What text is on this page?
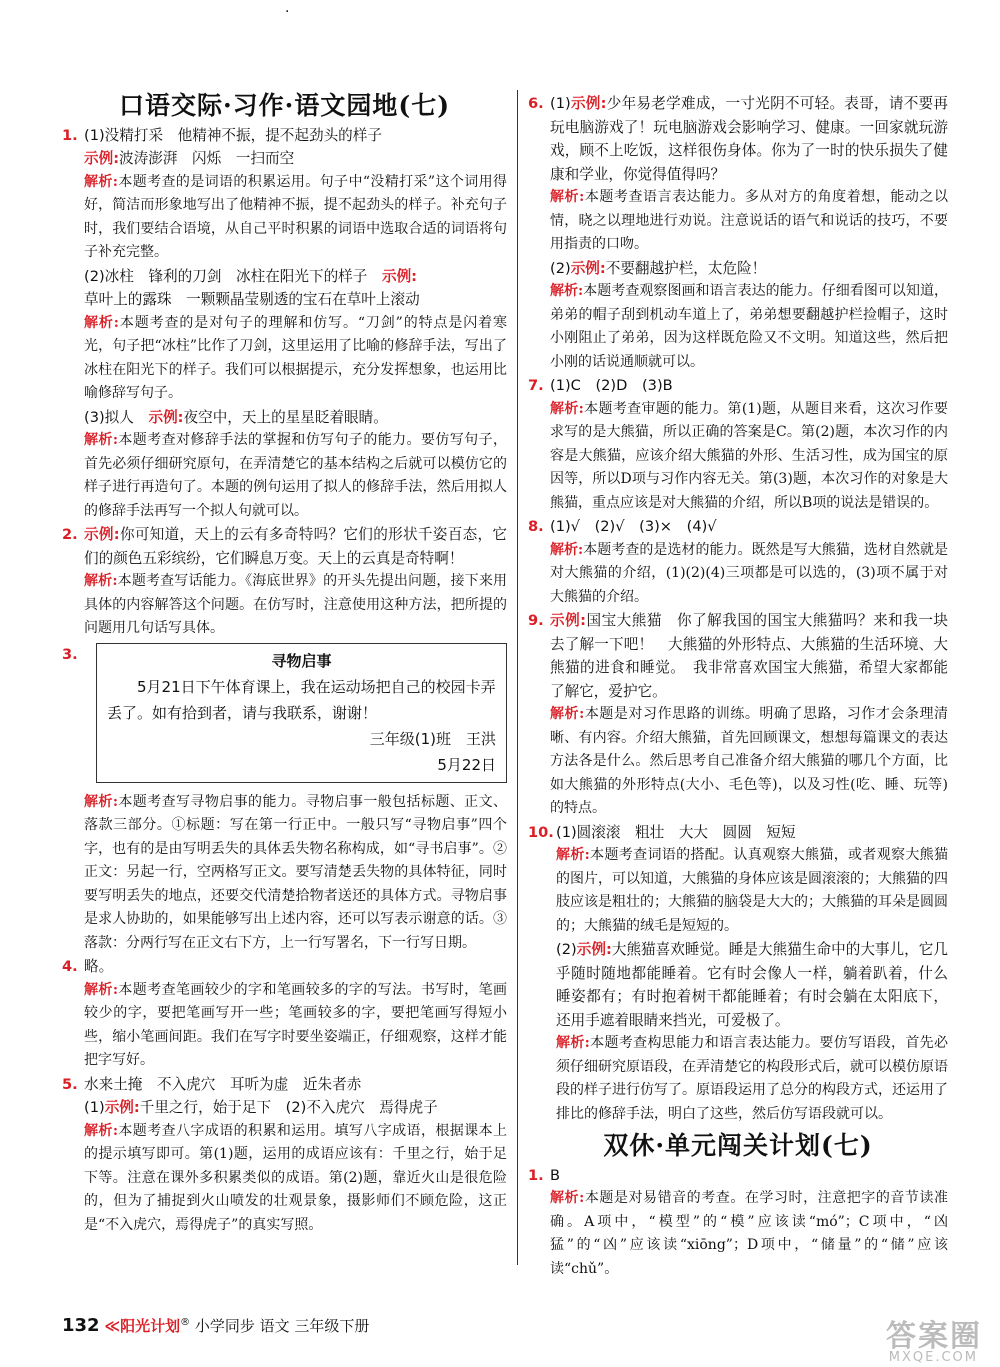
·
口语交际·习作·语文园地(七)
1. (1)没精打采　他精神不振，提不起劲头的样子

示例:波涛澎湃　闪烁　一扫而空

解析:本题考查的是词语的积累运用。句子中“没精打采”这个词用得好，简洁而形象地写出了他精神不振，提不起劲头的样子。补充句子时，我们要结合语境，从自己平时积累的词语中选取合适的词语将句子补充完整。

(2)冰柱　锋利的刀剑　冰柱在阳光下的样子　 示例:

草叶上的露珠　一颗颗晶莹剔透的宝石在草叶上滚动

解析:本题考查的是对句子的理解和仿写。“刀剑”的特点是闪着寒光，句子把“冰柱”比作了刀剑，这里运用了比喻的修辞手法，写出了冰柱在阳光下的样子。我们可以根据提示，充分发挥想象，也运用比喻修辞写句子。

(3)拟人　示例:夜空中，天上的星星眨着眼睛。

解析:本题考查对修辞手法的掌握和仿写句子的能力。要仿写句子，首先必须仔细研究原句，在弄清楚它的基本结构之后就可以模仿它的样子进行再造句了。本题的例句运用了拟人的修辞手法，然后用拟人的修辞手法再写一个拟人句就可以。

2. 示例:你可知道，天上的云有多奇特吗？它们的形状千姿百态，它们的颜色五彩缤纷，它们瞬息万变。天上的云真是奇特啊！

解析:本题考查写话能力。《海底世界》的开头先提出问题，接下来用具体的内容解答这个问题。在仿写时，注意使用这种方法，把所提的问题用几句话写具体。

3.	寻物启事
5月21日下午体育课上，我在运动场把自己的校园卡弄丢了。如有拾到者，请与我联系，谢谢！
三年级(1)班　王洪
5月22日

解析:本题考查写寻物启事的能力。寻物启事一般包括标题、正文、落款三部分。①标题：写在第一行正中。一般只写“寻物启事”四个字，也有的是由写明丢失的具体丢失物名称构成，如“寻书启事”。②正文：另起一行，空两格写正文。要写清楚丢失物的具体特征，同时要写明丢失的地点，还要交代清楚拾物者送还的具体方式。寻物启事是求人协助的，如果能够写出上述内容，还可以写表示谢意的话。③落款：分两行写在正文右下方，上一行写署名，下一行写日期。

4. 略。

解析:本题考查笔画较少的字和笔画较多的字的写法。书写时，笔画较少的字，要把笔画写开一些；笔画较多的字，要把笔画写得短小些，缩小笔画间距。我们在写字时要坐姿端正，仔细观察，这样才能把字写好。

5. 水来土掩　不入虎穴　耳听为虚　近朱者赤

(1)示例:千里之行，始于足下　(2)不入虎穴　焉得虎子

解析:本题考查八字成语的积累和运用。填写八字成语，根据课本上的提示填写即可。第(1)题，运用的成语应该有：千里之行，始于足下等。注意在课外多积累类似的成语。第(2)题，靠近火山是很危险的，但为了捕捉到火山喷发的壮观景象，摄影师们不顾危险，这正是“不入虎穴，焉得虎子”的真实写照。

6. (1)示例:少年易老学难成，一寸光阴不可轻。表哥，请不要再玩电脑游戏了！玩电脑游戏会影响学习、健康。一回家就玩游戏，顾不上吃饭，这样很伤身体。你为了一时的快乐损失了健康和学业，你觉得值得吗？

解析:本题考查语言表达能力。多从对方的角度着想，能动之以情，晓之以理地进行劝说。注意说话的语气和说话的技巧，不要用指责的口吻。

(2)示例:不要翻越护栏，太危险！

解析:本题考查观察图画和语言表达的能力。仔细看图可以知道，弟弟的帽子刮到机动车道上了，弟弟想要翻越护栏捡帽子，这时小刚阻止了弟弟，因为这样既危险又不文明。知道这些，然后把小刚的话说通顺就可以。

7. (1)C　(2)D　(3)B

解析:本题考查审题的能力。第(1)题，从题目来看，这次习作要求写的是大熊猫，所以正确的答案是C。第(2)题，本次习作的内容是大熊猫，应该介绍大熊猫的外形、生活习性，成为国宝的原因等，所以D项与习作内容无关。第(3)题，本次习作的对象是大熊猫，重点应该是对大熊猫的介绍，所以B项的说法是错误的。

8. (1)√　(2)√　(3)×　(4)√

解析:本题考查的是选材的能力。既然是写大熊猫，选材自然就是对大熊猫的介绍，(1)(2)(4)三项都是可以选的，(3)项不属于对大熊猫的介绍。

9. 示例:国宝大熊猫　你了解我国的国宝大熊猫吗？来和我一块去了解一下吧！　大熊猫的外形特点、大熊猫的生活环境、大熊猫的进食和睡觉。　我非常喜欢国宝大熊猫，希望大家都能了解它，爱护它。

解析:本题是对习作思路的训练。明确了思路，习作才会条理清晰、有内容。介绍大熊猫，首先回顾课文，想想每篇课文的表达方法各是什么。然后思考自己准备介绍大熊猫的哪几个方面，比如大熊猫的外形特点(大小、毛色等)，以及习性(吃、睡、玩等)的特点。

10. (1)圆滚滚　粗壮　大大　圆圆　短短

解析:本题考查词语的搭配。认真观察大熊猫，或者观察大熊猫的图片，可以知道，大熊猫的身体应该是圆滚滚的；大熊猫的四肢应该是粗壮的；大熊猫的脑袋是大大的；大熊猫的耳朵是圆圆的；大熊猫的绒毛是短短的。

(2)示例:大熊猫喜欢睡觉。睡是大熊猫生命中的大事儿，它几乎随时随地都能睡着。它有时会像人一样，躺着趴着，什么睡姿都有；有时抱着树干都能睡着；有时会躺在太阳底下，还用手遮着眼睛来挡光，可爱极了。

解析:本题考查构思能力和语言表达能力。要仿写语段，首先必须仔细研究原语段，在弄清楚它的构段形式后，就可以模仿原语段的样子进行仿写了。原语段运用了总分的构段方式，还运用了排比的修辞手法，明白了这些，然后仿写语段就可以。

双休·单元闯关计划(七)
1. B

解析:本题是对易错音的考查。在学习时，注意把字的音节读准确。A项中，“模型”的“模”应该读“mó”；C项中，“凶猛”的“凶”应该读“xiōng”；D项中，“储量”的“储”应该读“chǔ”。

132 ≪阳光计划® 小学同步 语文 三年级下册	答案圈
MXQE.COM
